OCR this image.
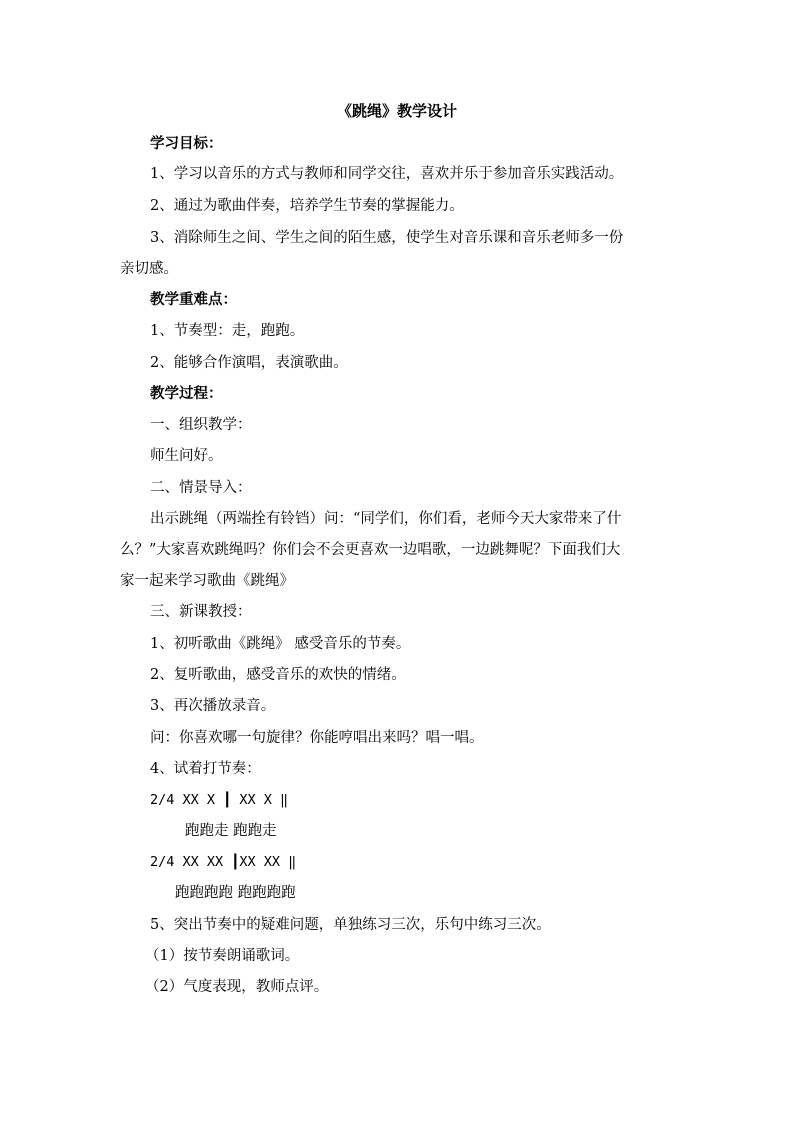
《跳绳》教学设计
学习目标：
1、学习以音乐的方式与教师和同学交往，喜欢并乐于参加音乐实践活动。
2、通过为歌曲伴奏，培养学生节奏的掌握能力。
3、消除师生之间、学生之间的陌生感，使学生对音乐课和音乐老师多一份
亲切感。
教学重难点：
1、节奏型：走，跑跑。
2、能够合作演唱，表演歌曲。
教学过程：
一、组织教学：
师生问好。
二、情景导入：
出示跳绳（两端拴有铃铛）问：“同学们，你们看，老师今天大家带来了什
么？”大家喜欢跳绳吗？你们会不会更喜欢一边唱歌，一边跳舞呢？下面我们大
家一起来学习歌曲《跳绳》
三、新课教授：
1、初听歌曲《跳绳》 感受音乐的节奏。
2、复听歌曲，感受音乐的欢快的情绪。
3、再次播放录音。
问：你喜欢哪一句旋律？你能哼唱出来吗？唱一唱。
4、试着打节奏：
2/4 XX X ┃ XX X ‖
跑跑走 跑跑走
2/4 XX XX ┃XX XX ‖
跑跑跑跑 跑跑跑跑
5、突出节奏中的疑难问题，单独练习三次，乐句中练习三次。
（1）按节奏朗诵歌词。
（2）气度表现，教师点评。
